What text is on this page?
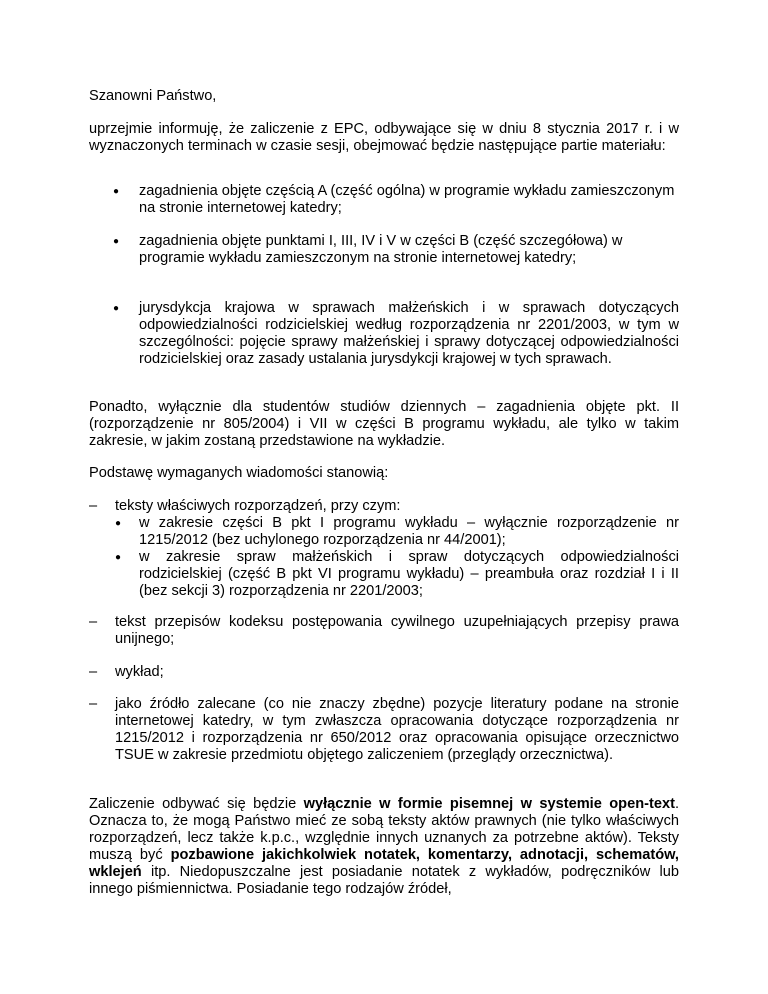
Szanowni Państwo,

uprzejmie informuję, że zaliczenie z EPC, odbywające się w dniu 8 stycznia 2017 r. i w wyznaczonych terminach w czasie sesji, obejmować będzie następujące partie materiału:

● zagadnienia objęte częścią A (część ogólna) w programie wykładu zamieszczonym na stronie internetowej katedry;
● zagadnienia objęte punktami I, III, IV i V w części B (część szczegółowa) w programie wykładu zamieszczonym na stronie internetowej katedry;
● jurysdykcja krajowa w sprawach małżeńskich i w sprawach dotyczących odpowiedzialności rodzicielskiej według rozporządzenia nr 2201/2003, w tym w szczególności: pojęcie sprawy małżeńskiej i sprawy dotyczącej odpowiedzialności rodzicielskiej oraz zasady ustalania jurysdykcji krajowej w tych sprawach.

Ponadto, wyłącznie dla studentów studiów dziennych – zagadnienia objęte pkt. II (rozporządzenie nr 805/2004) i VII w części B programu wykładu, ale tylko w takim zakresie, w jakim zostaną przedstawione na wykładzie.

Podstawę wymaganych wiadomości stanowią:

– teksty właściwych rozporządzeń, przy czym:
● w zakresie części B pkt I programu wykładu – wyłącznie rozporządzenie nr 1215/2012 (bez uchylonego rozporządzenia nr 44/2001);
● w zakresie spraw małżeńskich i spraw dotyczących odpowiedzialności rodzicielskiej (część B pkt VI programu wykładu) – preambuła oraz rozdział I i II (bez sekcji 3) rozporządzenia nr 2201/2003;
– tekst przepisów kodeksu postępowania cywilnego uzupełniających przepisy prawa unijnego;
– wykład;
– jako źródło zalecane (co nie znaczy zbędne) pozycje literatury podane na stronie internetowej katedry, w tym zwłaszcza opracowania dotyczące rozporządzenia nr 1215/2012 i rozporządzenia nr 650/2012 oraz opracowania opisujące orzecznictwo TSUE w zakresie przedmiotu objętego zaliczeniem (przeglądy orzecznictwa).

Zaliczenie odbywać się będzie wyłącznie w formie pisemnej w systemie open-text. Oznacza to, że mogą Państwo mieć ze sobą teksty aktów prawnych (nie tylko właściwych rozporządzeń, lecz także k.p.c., względnie innych uznanych za potrzebne aktów). Teksty muszą być pozbawione jakichkolwiek notatek, komentarzy, adnotacji, schematów, wklejeń itp. Niedopuszczalne jest posiadanie notatek z wykładów, podręczników lub innego piśmiennictwa. Posiadanie tego rodzajów źródeł,
